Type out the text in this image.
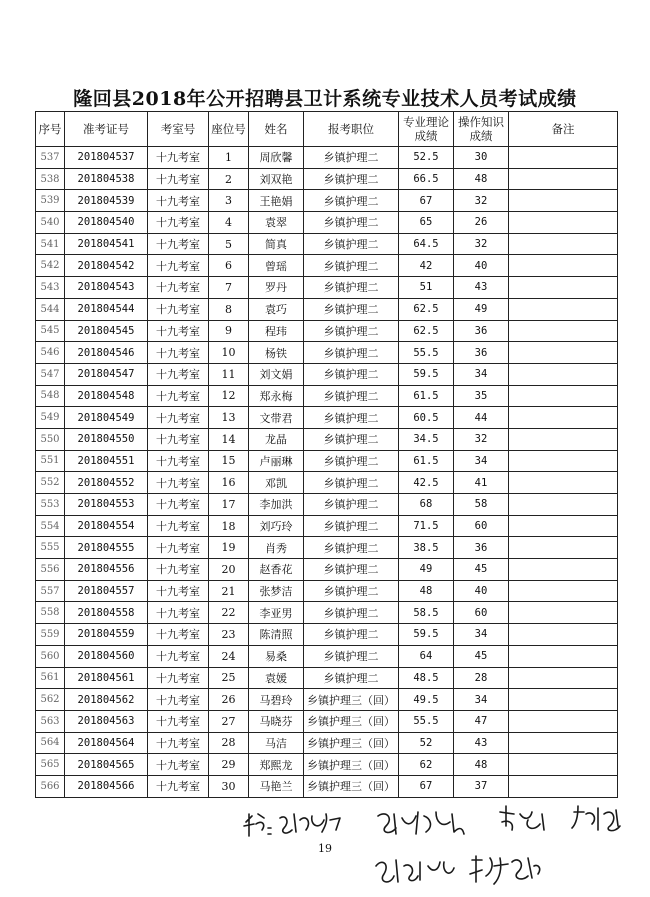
隆回县2018年公开招聘县卫计系统专业技术人员考试成绩
序号	准考证号	考室号	座位号	姓名	报考职位	专业理论成绩	操作知识成绩	备注
537	201804537	十九考室	1	周欣馨	乡镇护理二	52.5	30	
538	201804538	十九考室	2	刘双艳	乡镇护理二	66.5	48	
539	201804539	十九考室	3	王艳娟	乡镇护理二	67	32	
540	201804540	十九考室	4	袁翠	乡镇护理二	65	26	
541	201804541	十九考室	5	简真	乡镇护理二	64.5	32	
542	201804542	十九考室	6	曾瑶	乡镇护理二	42	40	
543	201804543	十九考室	7	罗丹	乡镇护理二	51	43	
544	201804544	十九考室	8	袁巧	乡镇护理二	62.5	49	
545	201804545	十九考室	9	程玮	乡镇护理二	62.5	36	
546	201804546	十九考室	10	杨铁	乡镇护理二	55.5	36	
547	201804547	十九考室	11	刘文娟	乡镇护理二	59.5	34	
548	201804548	十九考室	12	郑永梅	乡镇护理二	61.5	35	
549	201804549	十九考室	13	文带君	乡镇护理二	60.5	44	
550	201804550	十九考室	14	龙晶	乡镇护理二	34.5	32	
551	201804551	十九考室	15	卢丽琳	乡镇护理二	61.5	34	
552	201804552	十九考室	16	邓凯	乡镇护理二	42.5	41	
553	201804553	十九考室	17	李加洪	乡镇护理二	68	58	
554	201804554	十九考室	18	刘巧玲	乡镇护理二	71.5	60	
555	201804555	十九考室	19	肖秀	乡镇护理二	38.5	36	
556	201804556	十九考室	20	赵香花	乡镇护理二	49	45	
557	201804557	十九考室	21	张梦洁	乡镇护理二	48	40	
558	201804558	十九考室	22	李亚男	乡镇护理二	58.5	60	
559	201804559	十九考室	23	陈清照	乡镇护理二	59.5	34	
560	201804560	十九考室	24	易桑	乡镇护理二	64	45	
561	201804561	十九考室	25	袁媛	乡镇护理二	48.5	28	
562	201804562	十九考室	26	马碧玲	乡镇护理三（回）	49.5	34	
563	201804563	十九考室	27	马晓芬	乡镇护理三（回）	55.5	47	
564	201804564	十九考室	28	马洁	乡镇护理三（回）	52	43	
565	201804565	十九考室	29	郑熙龙	乡镇护理三（回）	62	48	
566	201804566	十九考室	30	马艳兰	乡镇护理三（回）	67	37	
19
